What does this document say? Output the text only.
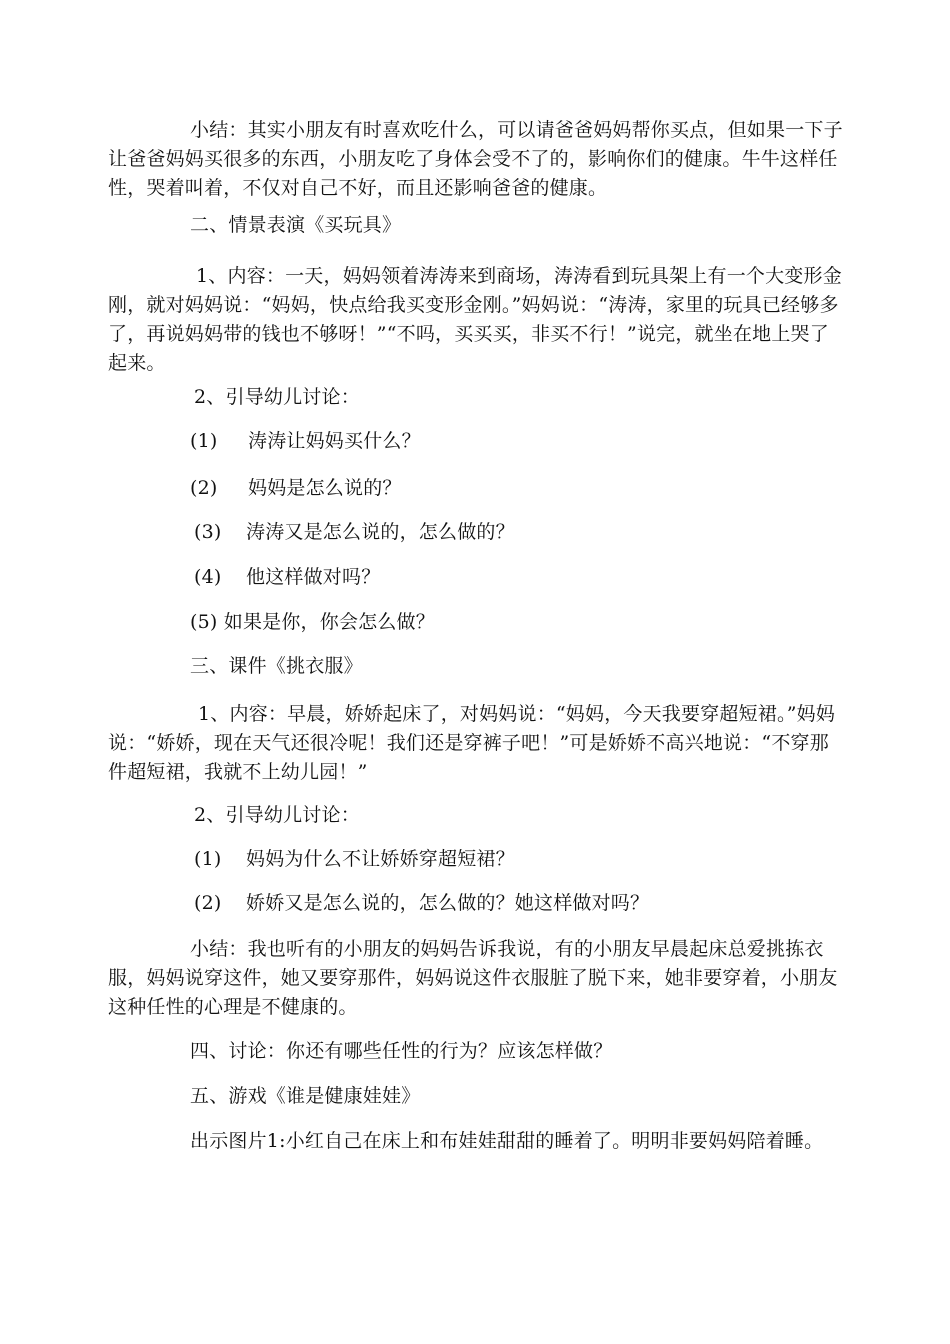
小结：其实小朋友有时喜欢吃什么，可以请爸爸妈妈帮你买点，但如果一下子让爸爸妈妈买很多的东西，小朋友吃了身体会受不了的，影响你们的健康。牛牛这样任性，哭着叫着，不仅对自己不好，而且还影响爸爸的健康。

二、情景表演《买玩具》

1、内容：一天，妈妈领着涛涛来到商场，涛涛看到玩具架上有一个大变形金刚，就对妈妈说：“妈妈，快点给我买变形金刚。”妈妈说：“涛涛，家里的玩具已经够多了，再说妈妈带的钱也不够呀！”“不吗，买买买，非买不行！”说完，就坐在地上哭了起来。

2、引导幼儿讨论：

(1) 涛涛让妈妈买什么？

(2) 妈妈是怎么说的？

(3) 涛涛又是怎么说的，怎么做的？

(4) 他这样做对吗？

(5) 如果是你，你会怎么做？

三、课件《挑衣服》

1、内容：早晨，娇娇起床了，对妈妈说：“妈妈，今天我要穿超短裙。”妈妈说：“娇娇，现在天气还很冷呢！我们还是穿裤子吧！”可是娇娇不高兴地说：“不穿那件超短裙，我就不上幼儿园！”

2、引导幼儿讨论：

(1) 妈妈为什么不让娇娇穿超短裙？

(2) 娇娇又是怎么说的，怎么做的？她这样做对吗？

小结：我也听有的小朋友的妈妈告诉我说，有的小朋友早晨起床总爱挑拣衣服，妈妈说穿这件，她又要穿那件，妈妈说这件衣服脏了脱下来，她非要穿着，小朋友这种任性的心理是不健康的。

四、讨论：你还有哪些任性的行为？应该怎样做？

五、游戏《谁是健康娃娃》

出示图片1:小红自己在床上和布娃娃甜甜的睡着了。明明非要妈妈陪着睡。
